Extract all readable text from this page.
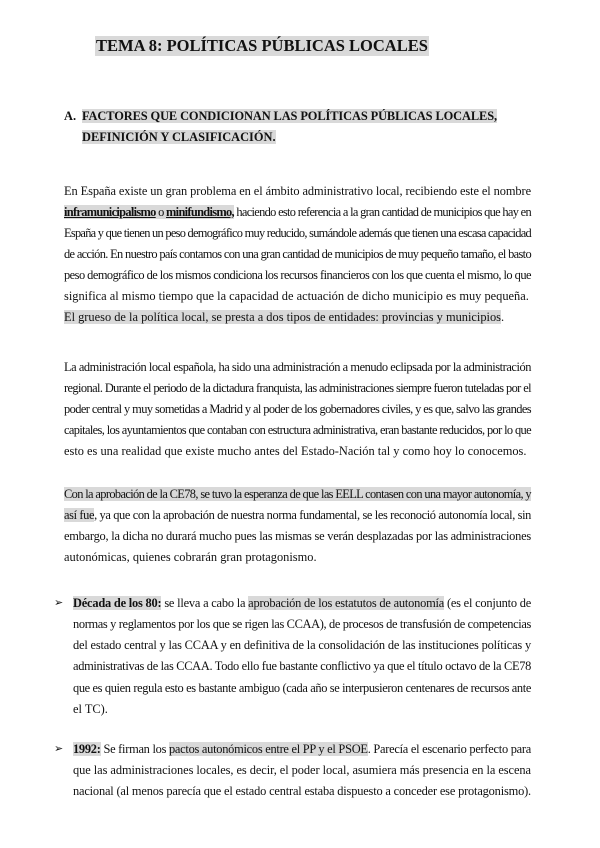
TEMA 8: POLÍTICAS PÚBLICAS LOCALES
A. FACTORES QUE CONDICIONAN LAS POLÍTICAS PÚBLICAS LOCALES,
DEFINICIÓN Y CLASIFICACIÓN.
En España existe un gran problema en el ámbito administrativo local, recibiendo este el nombre
inframunicipalismo o minifundismo, haciendo esto referencia a la gran cantidad de municipios que hay en
España y que tienen un peso demográfico muy reducido, sumándole además que tienen una escasa capacidad
de acción. En nuestro país contamos con una gran cantidad de municipios de muy pequeño tamaño, el basto
peso demográfico de los mismos condiciona los recursos financieros con los que cuenta el mismo, lo que
significa al mismo tiempo que la capacidad de actuación de dicho municipio es muy pequeña.
El grueso de la política local, se presta a dos tipos de entidades: provincias y municipios.
La administración local española, ha sido una administración a menudo eclipsada por la administración
regional. Durante el periodo de la dictadura franquista, las administraciones siempre fueron tuteladas por el
poder central y muy sometidas a Madrid y al poder de los gobernadores civiles, y es que, salvo las grandes
capitales, los ayuntamientos que contaban con estructura administrativa, eran bastante reducidos, por lo que
esto es una realidad que existe mucho antes del Estado-Nación tal y como hoy lo conocemos.
Con la aprobación de la CE78, se tuvo la esperanza de que las EELL contasen con una mayor autonomía, y
así fue, ya que con la aprobación de nuestra norma fundamental, se les reconoció autonomía local, sin
embargo, la dicha no durará mucho pues las mismas se verán desplazadas por las administraciones
autonómicas, quienes cobrarán gran protagonismo.
➢ Década de los 80: se lleva a cabo la aprobación de los estatutos de autonomía (es el conjunto de
normas y reglamentos por los que se rigen las CCAA), de procesos de transfusión de competencias
del estado central y las CCAA y en definitiva de la consolidación de las instituciones políticas y
administrativas de las CCAA. Todo ello fue bastante conflictivo ya que el título octavo de la CE78
que es quien regula esto es bastante ambiguo (cada año se interpusieron centenares de recursos ante
el TC).
➢ 1992: Se firman los pactos autonómicos entre el PP y el PSOE. Parecía el escenario perfecto para
que las administraciones locales, es decir, el poder local, asumiera más presencia en la escena
nacional (al menos parecía que el estado central estaba dispuesto a conceder ese protagonismo).
